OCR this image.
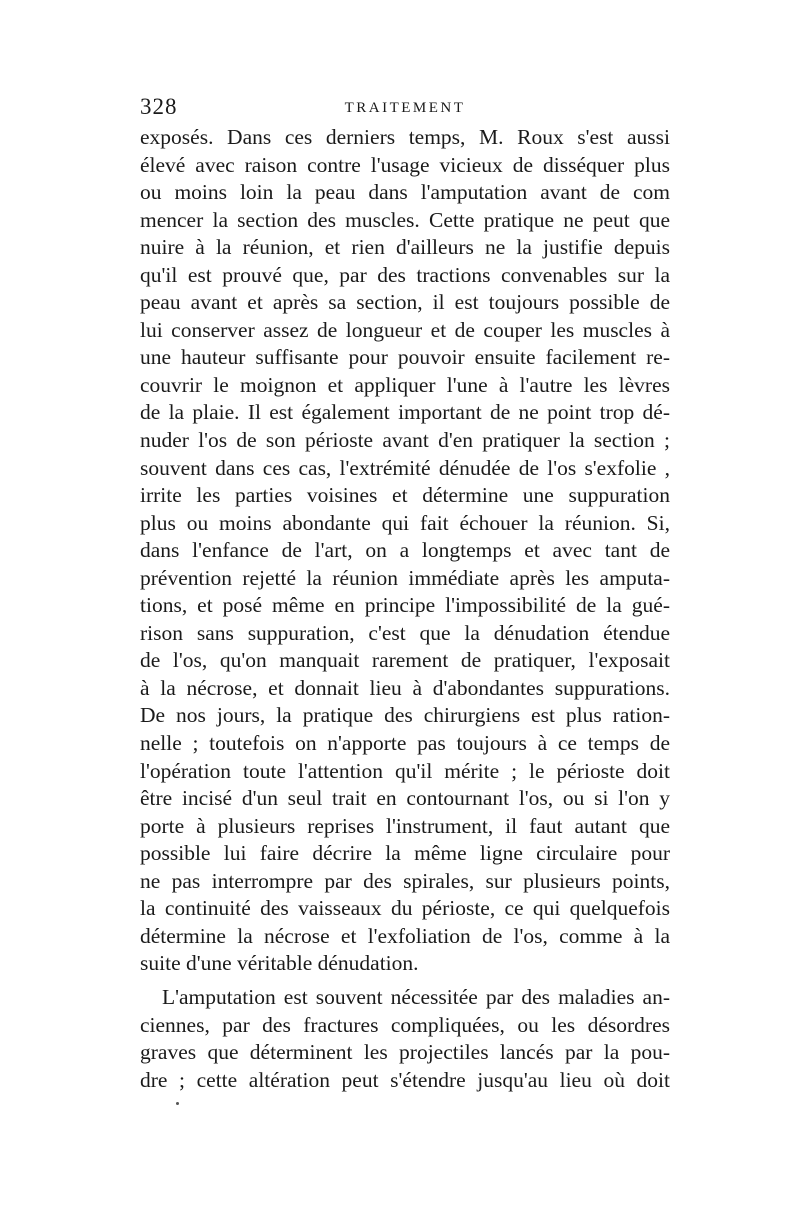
328	TRAITEMENT
exposés. Dans ces derniers temps, M. Roux s'est aussi
élevé avec raison contre l'usage vicieux de disséquer plus
ou moins loin la peau dans l'amputation avant de com
mencer la section des muscles. Cette pratique ne peut que
nuire à la réunion, et rien d'ailleurs ne la justifie depuis
qu'il est prouvé que, par des tractions convenables sur la
peau avant et après sa section, il est toujours possible de
lui conserver assez de longueur et de couper les muscles à
une hauteur suffisante pour pouvoir ensuite facilement re-
couvrir le moignon et appliquer l'une à l'autre les lèvres
de la plaie. Il est également important de ne point trop dé-
nuder l'os de son périoste avant d'en pratiquer la section ;
souvent dans ces cas, l'extrémité dénudée de l'os s'exfolie ,
irrite les parties voisines et détermine une suppuration
plus ou moins abondante qui fait échouer la réunion. Si,
dans l'enfance de l'art, on a longtemps et avec tant de
prévention rejetté la réunion immédiate après les amputa-
tions, et posé même en principe l'impossibilité de la gué-
rison sans suppuration, c'est que la dénudation étendue
de l'os, qu'on manquait rarement de pratiquer, l'exposait
à la nécrose, et donnait lieu à d'abondantes suppurations.
De nos jours, la pratique des chirurgiens est plus ration-
nelle ; toutefois on n'apporte pas toujours à ce temps de
l'opération toute l'attention qu'il mérite ; le périoste doit
être incisé d'un seul trait en contournant l'os, ou si l'on y
porte à plusieurs reprises l'instrument, il faut autant que
possible lui faire décrire la même ligne circulaire pour
ne pas interrompre par des spirales, sur plusieurs points,
la continuité des vaisseaux du périoste, ce qui quelquefois
détermine la nécrose et l'exfoliation de l'os, comme à la
suite d'une véritable dénudation.
L'amputation est souvent nécessitée par des maladies an-
ciennes, par des fractures compliquées, ou les désordres
graves que déterminent les projectiles lancés par la pou-
dre ; cette altération peut s'étendre jusqu'au lieu où doit
